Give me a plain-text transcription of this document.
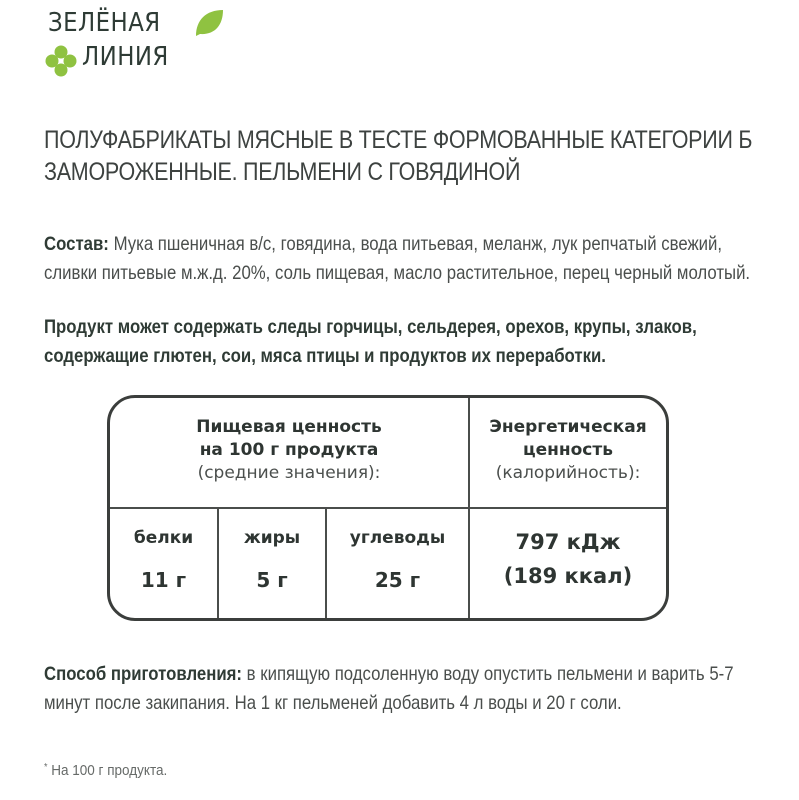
ЗЕЛЁНАЯ
ЛИНИЯ
ПОЛУФАБРИКАТЫ МЯСНЫЕ В ТЕСТЕ ФОРМОВАННЫЕ КАТЕГОРИИ Б
ЗАМОРОЖЕННЫЕ. ПЕЛЬМЕНИ С ГОВЯДИНОЙ
Состав: Мука пшеничная в/с, говядина, вода питьевая, меланж, лук репчатый свежий, сливки питьевые м.ж.д. 20%, соль пищевая, масло растительное, перец черный молотый.
Продукт может содержать следы горчицы, сельдерея, орехов, крупы, злаков, содержащие глютен, сои, мяса птицы и продуктов их переработки.
Пищевая ценность
на 100 г продукта
(средние значения):
Энергетическая
ценность
(калорийность):
белки
11 г
жиры
5 г
углеводы
25 г
797 кДж
(189 ккал)
Способ приготовления: в кипящую подсоленную воду опустить пельмени и варить 5-7 минут после закипания. На 1 кг пельменей добавить 4 л воды и 20 г соли.
* На 100 г продукта.
